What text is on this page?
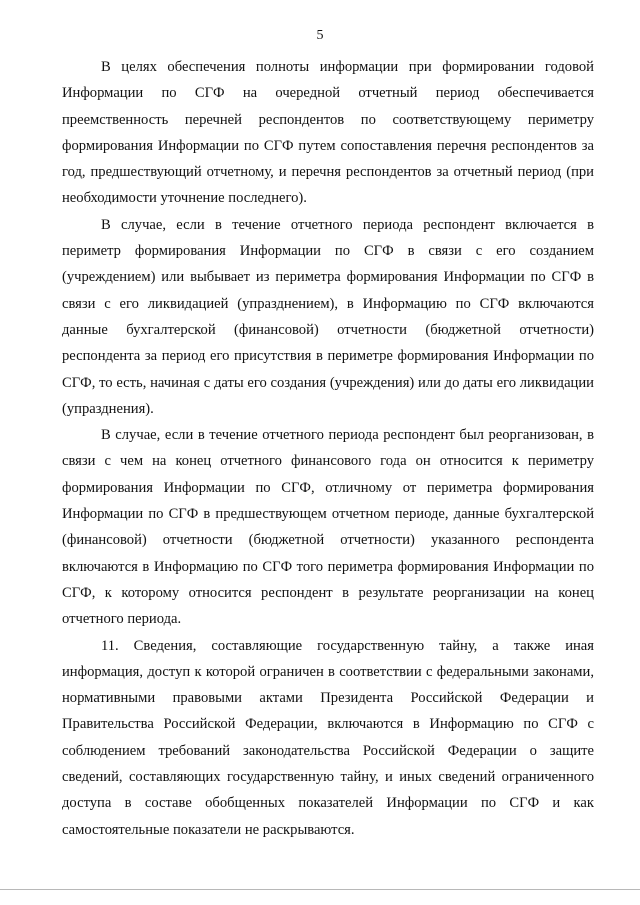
5

В целях обеспечения полноты информации при формировании годовой Информации по СГФ на очередной отчетный период обеспечивается преемственность перечней респондентов по соответствующему периметру формирования Информации по СГФ путем сопоставления перечня респондентов за год, предшествующий отчетному, и перечня респондентов за отчетный период (при необходимости уточнение последнего).

В случае, если в течение отчетного периода респондент включается в периметр формирования Информации по СГФ в связи с его созданием (учреждением) или выбывает из периметра формирования Информации по СГФ в связи с его ликвидацией (упразднением), в Информацию по СГФ включаются данные бухгалтерской (финансовой) отчетности (бюджетной отчетности) респондента за период его присутствия в периметре формирования Информации по СГФ, то есть, начиная с даты его создания (учреждения) или до даты его ликвидации (упразднения).

В случае, если в течение отчетного периода респондент был реорганизован, в связи с чем на конец отчетного финансового года он относится к периметру формирования Информации по СГФ, отличному от периметра формирования Информации по СГФ в предшествующем отчетном периоде, данные бухгалтерской (финансовой) отчетности (бюджетной отчетности) указанного респондента включаются в Информацию по СГФ того периметра формирования Информации по СГФ, к которому относится респондент в результате реорганизации на конец отчетного периода.

11. Сведения, составляющие государственную тайну, а также иная информация, доступ к которой ограничен в соответствии с федеральными законами, нормативными правовыми актами Президента Российской Федерации и Правительства Российской Федерации, включаются в Информацию по СГФ с соблюдением требований законодательства Российской Федерации о защите сведений, составляющих государственную тайну, и иных сведений ограниченного доступа в составе обобщенных показателей Информации по СГФ и как самостоятельные показатели не раскрываются.
